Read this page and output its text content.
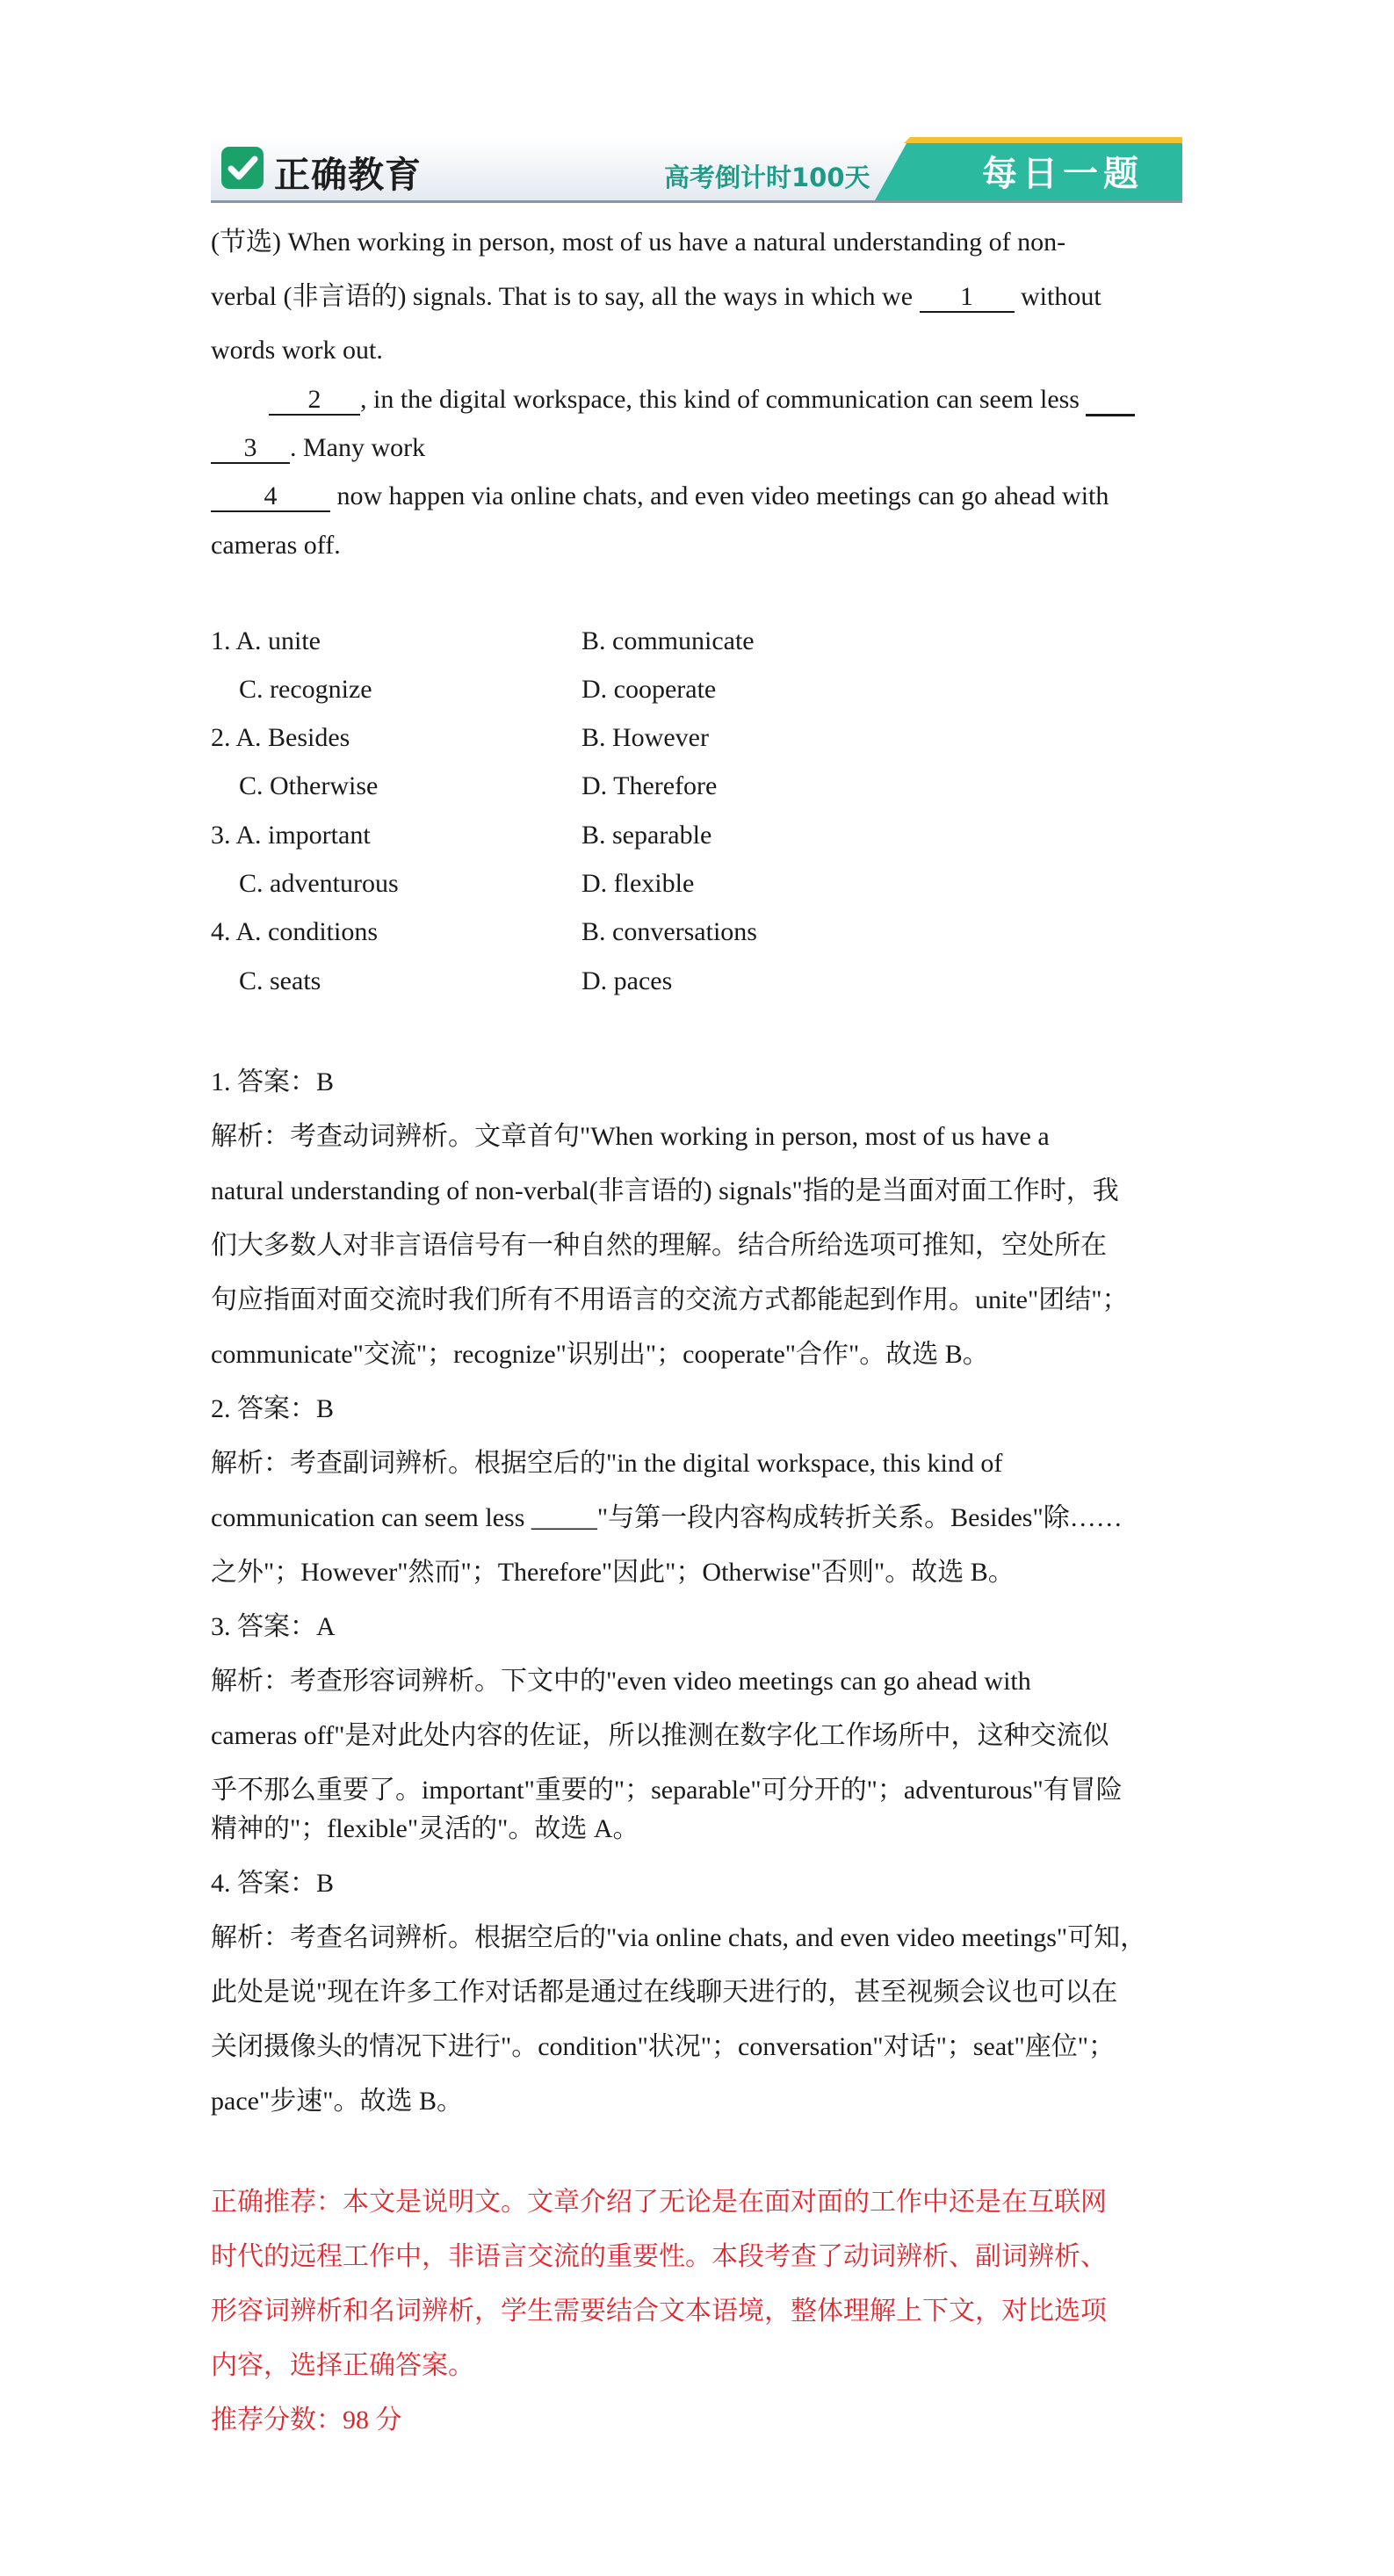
正确教育	高考倒计时100天	每日一题
(节选) When working in person, most of us have a natural understanding of non-
verbal (非言语的) signals. That is to say, all the ways in which we 1 without
words work out.
2 , in the digital workspace, this kind of communication can seem less
3 . Many work
4 now happen via online chats, and even video meetings can go ahead with
cameras off.
1. A. unite	B. communicate
C. recognize	D. cooperate
2. A. Besides	B. However
C. Otherwise	D. Therefore
3. A. important	B. separable
C. adventurous	D. flexible
4. A. conditions	B. conversations
C. seats	D. paces
1. 答案：B
解析：考查动词辨析。文章首句"When working in person, most of us have a
natural understanding of non-verbal(非言语的) signals"指的是当面对面工作时，我
们大多数人对非言语信号有一种自然的理解。结合所给选项可推知，空处所在
句应指面对面交流时我们所有不用语言的交流方式都能起到作用。unite"团结"；
communicate"交流"；recognize"识别出"；cooperate"合作"。故选 B。
2. 答案：B
解析：考查副词辨析。根据空后的"in the digital workspace, this kind of
communication can seem less _____"与第一段内容构成转折关系。Besides"除……
之外"；However"然而"；Therefore"因此"；Otherwise"否则"。故选 B。
3. 答案：A
解析：考查形容词辨析。下文中的"even video meetings can go ahead with
cameras off"是对此处内容的佐证，所以推测在数字化工作场所中，这种交流似
乎不那么重要了。important"重要的"；separable"可分开的"；adventurous"有冒险
精神的"；flexible"灵活的"。故选 A。
4. 答案：B
解析：考查名词辨析。根据空后的"via online chats, and even video meetings"可知，
此处是说"现在许多工作对话都是通过在线聊天进行的，甚至视频会议也可以在
关闭摄像头的情况下进行"。condition"状况"；conversation"对话"；seat"座位"；
pace"步速"。故选 B。
正确推荐：本文是说明文。文章介绍了无论是在面对面的工作中还是在互联网
时代的远程工作中，非语言交流的重要性。本段考查了动词辨析、副词辨析、
形容词辨析和名词辨析，学生需要结合文本语境，整体理解上下文，对比选项
内容，选择正确答案。
推荐分数：98 分
